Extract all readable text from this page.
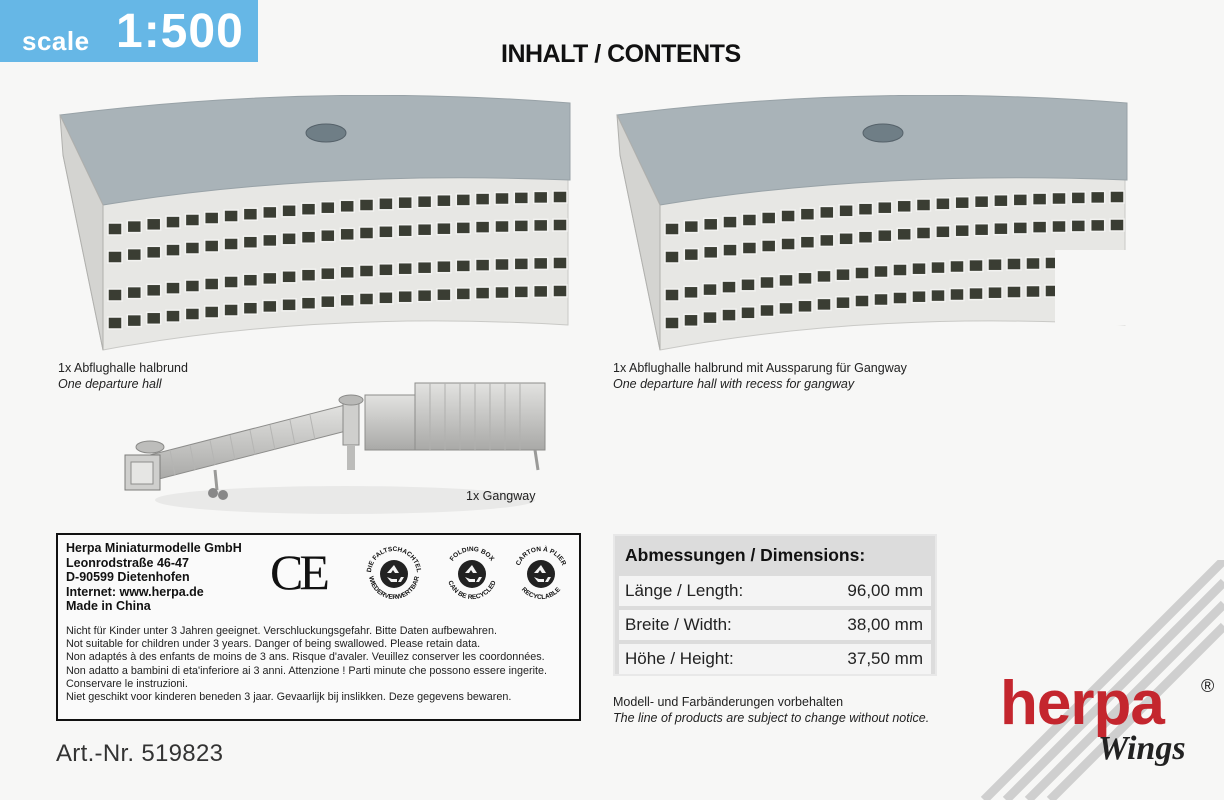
scale 1:500	INHALT / CONTENTS
1x Abflughalle halbrund
One departure hall
1x Abflughalle halbrund mit Aussparung für Gangway
One departure hall with recess for gangway
1x Gangway
Herpa Miniaturmodelle GmbH
Leonrodstraße 46-47
D-90599 Dietenhofen
Internet: www.herpa.de
Made in China
CE	DIE FALTSCHACHTEL
WIEDERVERWERTBAR
FOLDING BOX
CAN BE RECYCLED
CARTON À PLIER
RECYCLABLE
Nicht für Kinder unter 3 Jahren geeignet. Verschluckungsgefahr. Bitte Daten aufbewahren.
Not suitable for children under 3 years. Danger of being swallowed. Please retain data.
Non adaptés à des enfants de moins de 3 ans. Risque d'avaler. Veuillez conserver les coordonnées.
Non adatto a bambini di eta'inferiore ai 3 anni. Attenzione ! Parti minute che possono essere ingerite.
Conservare le instruzioni.
Niet geschikt voor kinderen beneden 3 jaar. Gevaarlijk bij inslikken. Deze gegevens bewaren.
Art.-Nr. 519823
Abmessungen / Dimensions:
Länge / Length:	96,00 mm
Breite / Width:	38,00 mm
Höhe / Height:	37,50 mm
Modell- und Farbänderungen vorbehalten
The line of products are subject to change without notice. herpa ®
Wings
